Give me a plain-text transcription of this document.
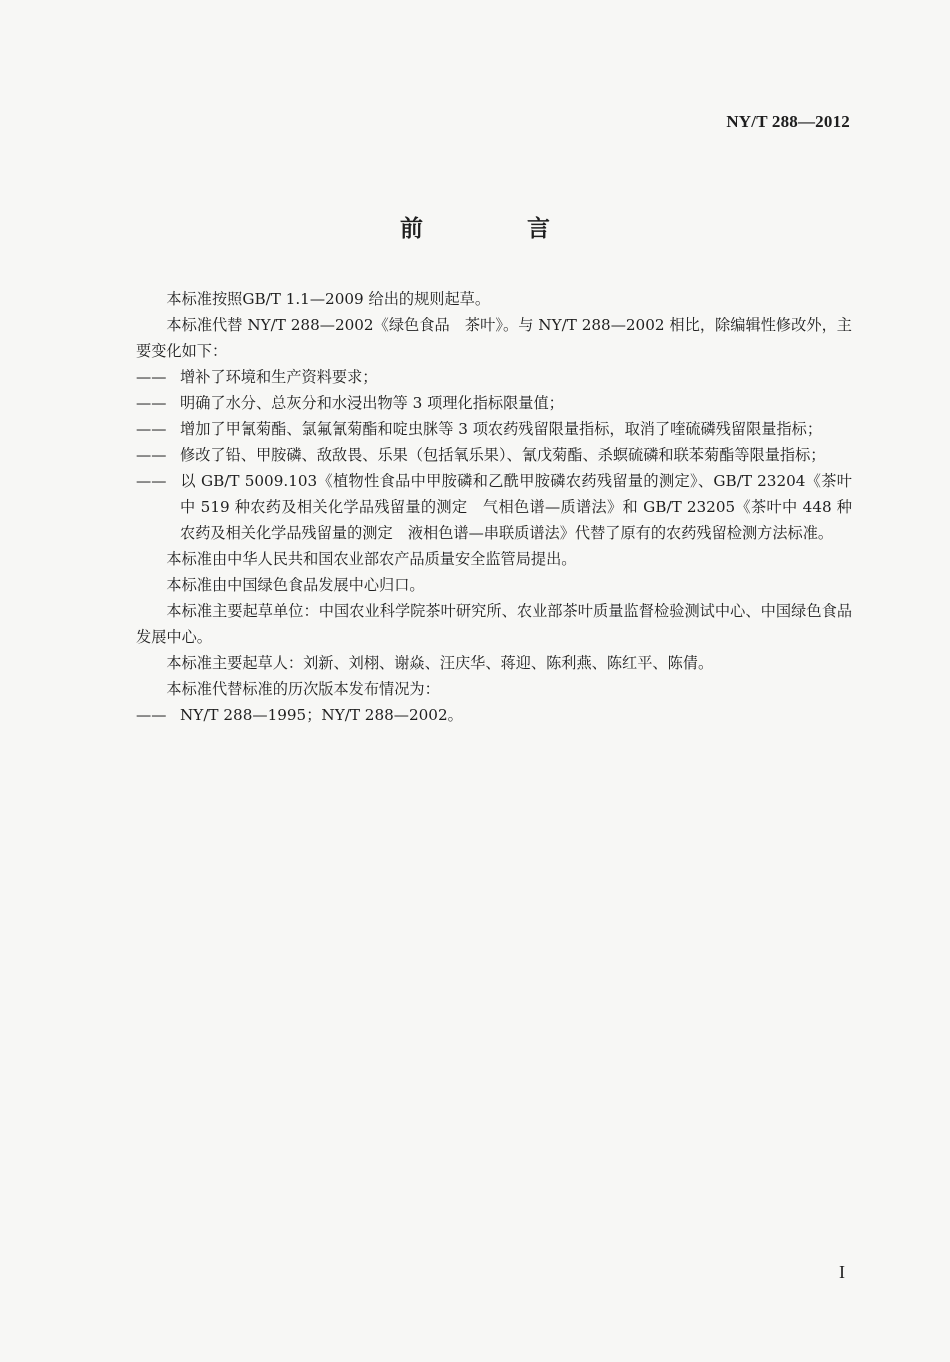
NY/T 288—2012
前 言

本标准按照GB/T 1.1—2009 给出的规则起草。

本标准代替 NY/T 288—2002《绿色食品　茶叶》。与 NY/T 288—2002 相比，除编辑性修改外，主要变化如下：

—— 增补了环境和生产资料要求；

—— 明确了水分、总灰分和水浸出物等 3 项理化指标限量值；

—— 增加了甲氰菊酯、氯氟氰菊酯和啶虫脒等 3 项农药残留限量指标，取消了喹硫磷残留限量指标；

—— 修改了铅、甲胺磷、敌敌畏、乐果（包括氧乐果）、氰戊菊酯、杀螟硫磷和联苯菊酯等限量指标；

—— 以 GB/T 5009.103《植物性食品中甲胺磷和乙酰甲胺磷农药残留量的测定》、GB/T 23204《茶叶中 519 种农药及相关化学品残留量的测定　气相色谱—质谱法》和 GB/T 23205《茶叶中 448 种农药及相关化学品残留量的测定　液相色谱—串联质谱法》代替了原有的农药残留检测方法标准。

本标准由中华人民共和国农业部农产品质量安全监管局提出。

本标准由中国绿色食品发展中心归口。

本标准主要起草单位：中国农业科学院茶叶研究所、农业部茶叶质量监督检验测试中心、中国绿色食品发展中心。

本标准主要起草人：刘新、刘栩、谢焱、汪庆华、蒋迎、陈利燕、陈红平、陈倩。

本标准代替标准的历次版本发布情况为：

—— NY/T 288—1995；NY/T 288—2002。

I
